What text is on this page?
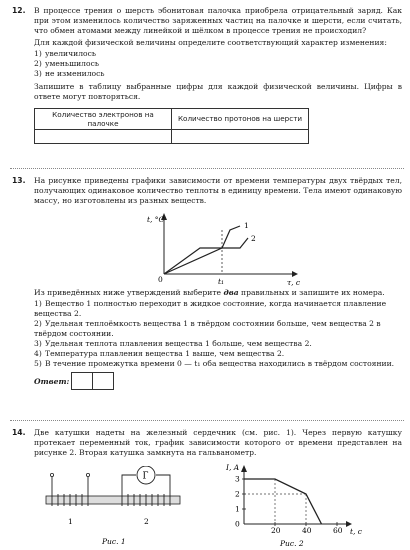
12. В процессе трения о шерсть эбонитовая палочка приобрела отрицательный заряд. Как при этом изменилось количество заряженных частиц на палочке и шерсти, если считать, что обмен атомами между линейкой и шёлком в процессе трения не происходил?

Для каждой физической величины определите соответствующий характер изменения:

1) увеличилось

2) уменьшилось

3) не изменилось

Запишите в таблицу выбранные цифры для каждой физической величины. Цифры в ответе могут повторяться.

Количество электронов на палочке	Количество протонов на шерсти

13. На рисунке приведены графики зависимости от времени температуры двух твёрдых тел, получающих одинаковое количество теплоты в единицу времени. Тела имеют одинаковую массу, но изготовлены из разных веществ.

t, °C
τ, с
0	t₁
1
2

Из приведённых ниже утверждений выберите два правильных и запишите их номера.

1) Вещество 1 полностью переходит в жидкое состояние, когда начинается плавление вещества 2.

2) Удельная теплоёмкость вещества 1 в твёрдом состоянии больше, чем вещества 2 в твёрдом состоянии.

3) Удельная теплота плавления вещества 1 больше, чем вещества 2.

4) Температура плавления вещества 1 выше, чем вещества 2.

5) В течение промежутка времени 0 — t₁ оба вещества находились в твёрдом состоянии.

Ответ:
14. Две катушки надеты на железный сердечник (см. рис. 1). Через первую катушку протекает переменный ток, график зависимости которого от времени представлен на рисунке 2. Вторая катушка замкнута на гальванометр.

Г
1	2
Рис. 1
I, A
t, c
3
2
1
0
20	40	60
Рис. 2
